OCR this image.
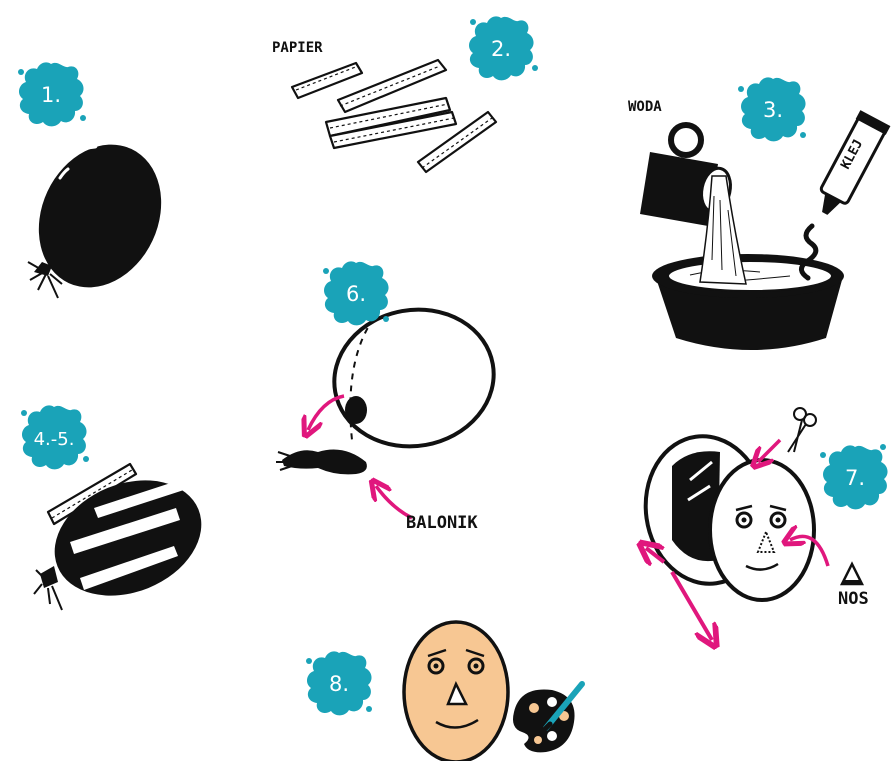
1.
2.
3.
4.-5.
6.
7.
8.
PAPIER
WODA
KLEJ
BALONIK
NOS
